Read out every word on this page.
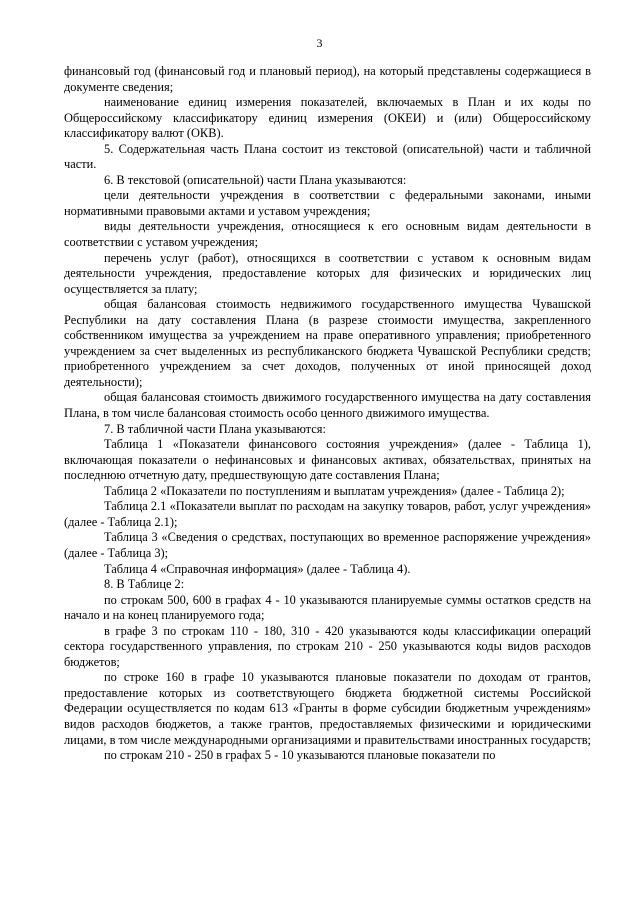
3

финансовый год (финансовый год и плановый период), на который представлены содержащиеся в документе сведения;

наименование единиц измерения показателей, включаемых в План и их коды по Общероссийскому классификатору единиц измерения (ОКЕИ) и (или) Общероссийскому классификатору валют (ОКВ).

5. Содержательная часть Плана состоит из текстовой (описательной) части и табличной части.

6. В текстовой (описательной) части Плана указываются:

цели деятельности учреждения в соответствии с федеральными законами, иными нормативными правовыми актами и уставом учреждения;

виды деятельности учреждения, относящиеся к его основным видам деятельности в соответствии с уставом учреждения;

перечень услуг (работ), относящихся в соответствии с уставом к основным видам деятельности учреждения, предоставление которых для физических и юридических лиц осуществляется за плату;

общая балансовая стоимость недвижимого государственного имущества Чувашской Республики на дату составления Плана (в разрезе стоимости имущества, закрепленного собственником имущества за учреждением на праве оперативного управления; приобретенного учреждением за счет выделенных из республиканского бюджета Чувашской Республики средств; приобретенного учреждением за счет доходов, полученных от иной приносящей доход деятельности);

общая балансовая стоимость движимого государственного имущества на дату составления Плана, в том числе балансовая стоимость особо ценного движимого имущества.

7. В табличной части Плана указываются:

Таблица 1 «Показатели финансового состояния учреждения» (далее - Таблица 1), включающая показатели о нефинансовых и финансовых активах, обязательствах, принятых на последнюю отчетную дату, предшествующую дате составления Плана;

Таблица 2 «Показатели по поступлениям и выплатам учреждения» (далее - Таблица 2);

Таблица 2.1 «Показатели выплат по расходам на закупку товаров, работ, услуг учреждения» (далее - Таблица 2.1);

Таблица 3 «Сведения о средствах, поступающих во временное распоряжение учреждения» (далее - Таблица 3);

Таблица 4 «Справочная информация» (далее - Таблица 4).

8. В Таблице 2:

по строкам 500, 600 в графах 4 - 10 указываются планируемые суммы остатков средств на начало и на конец планируемого года;

в графе 3 по строкам 110 - 180, 310 - 420 указываются коды классификации операций сектора государственного управления, по строкам 210 - 250 указываются коды видов расходов бюджетов;

по строке 160 в графе 10 указываются плановые показатели по доходам от грантов, предоставление которых из соответствующего бюджета бюджетной системы Российской Федерации осуществляется по кодам 613 «Гранты в форме субсидии бюджетным учреждениям» видов расходов бюджетов, а также грантов, предоставляемых физическими и юридическими лицами, в том числе международными организациями и правительствами иностранных государств;

по строкам 210 - 250 в графах 5 - 10 указываются плановые показатели по
